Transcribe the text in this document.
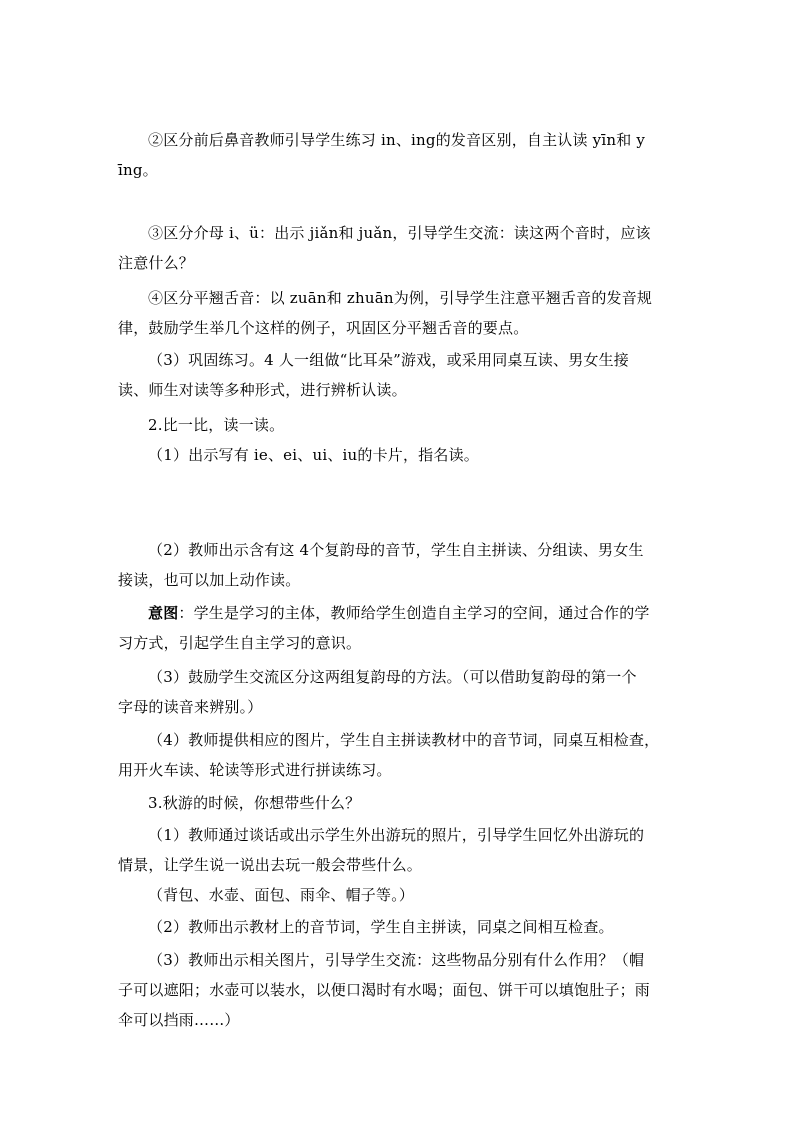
②区分前后鼻音教师引导学生练习 in、ing的发音区别，自主认读 yīn和 y
īng。
③区分介母 i、ü：出示 jiǎn和 juǎn，引导学生交流：读这两个音时，应该
注意什么？
④区分平翘舌音：以 zuān和 zhuān为例，引导学生注意平翘舌音的发音规
律，鼓励学生举几个这样的例子，巩固区分平翘舌音的要点。
（3）巩固练习。4 人一组做“比耳朵”游戏，或采用同桌互读、男女生接
读、师生对读等多种形式，进行辨析认读。
2.比一比，读一读。
（1）出示写有 ie、ei、ui、iu的卡片，指名读。
（2）教师出示含有这 4个复韵母的音节，学生自主拼读、分组读、男女生
接读，也可以加上动作读。
意图：学生是学习的主体，教师给学生创造自主学习的空间，通过合作的学
习方式，引起学生自主学习的意识。
（3）鼓励学生交流区分这两组复韵母的方法。（可以借助复韵母的第一个
字母的读音来辨别。）
（4）教师提供相应的图片，学生自主拼读教材中的音节词，同桌互相检查，
用开火车读、轮读等形式进行拼读练习。
3.秋游的时候，你想带些什么？
（1）教师通过谈话或出示学生外出游玩的照片，引导学生回忆外出游玩的
情景，让学生说一说出去玩一般会带些什么。
（背包、水壶、面包、雨伞、帽子等。）
（2）教师出示教材上的音节词，学生自主拼读，同桌之间相互检查。
（3）教师出示相关图片，引导学生交流：这些物品分别有什么作用？（帽
子可以遮阳；水壶可以装水，以便口渴时有水喝；面包、饼干可以填饱肚子；雨
伞可以挡雨……）
